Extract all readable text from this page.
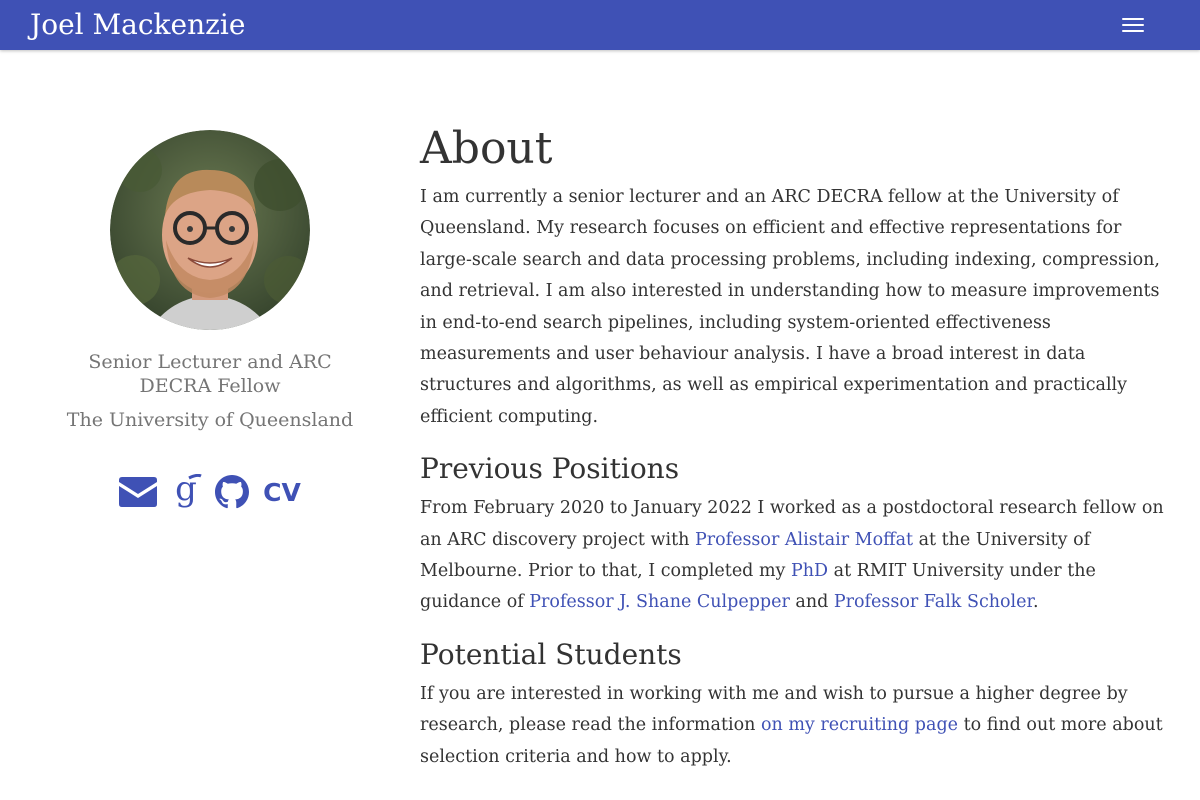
Joel Mackenzie
Senior Lecturer and ARC DECRA Fellow
The University of Queensland
g	CV
About

I am currently a senior lecturer and an ARC DECRA fellow at the University of Queensland. My research focuses on efficient and effective representations for large-scale search and data processing problems, including indexing, compression, and retrieval. I am also interested in understanding how to measure improvements in end-to-end search pipelines, including system-oriented effectiveness measurements and user behaviour analysis. I have a broad interest in data structures and algorithms, as well as empirical experimentation and practically efficient computing.

Previous Positions

From February 2020 to January 2022 I worked as a postdoctoral research fellow on an ARC discovery project with Professor Alistair Moffat at the University of Melbourne. Prior to that, I completed my PhD at RMIT University under the guidance of Professor J. Shane Culpepper and Professor Falk Scholer.

Potential Students

If you are interested in working with me and wish to pursue a higher degree by research, please read the information on my recruiting page to find out more about selection criteria and how to apply.
